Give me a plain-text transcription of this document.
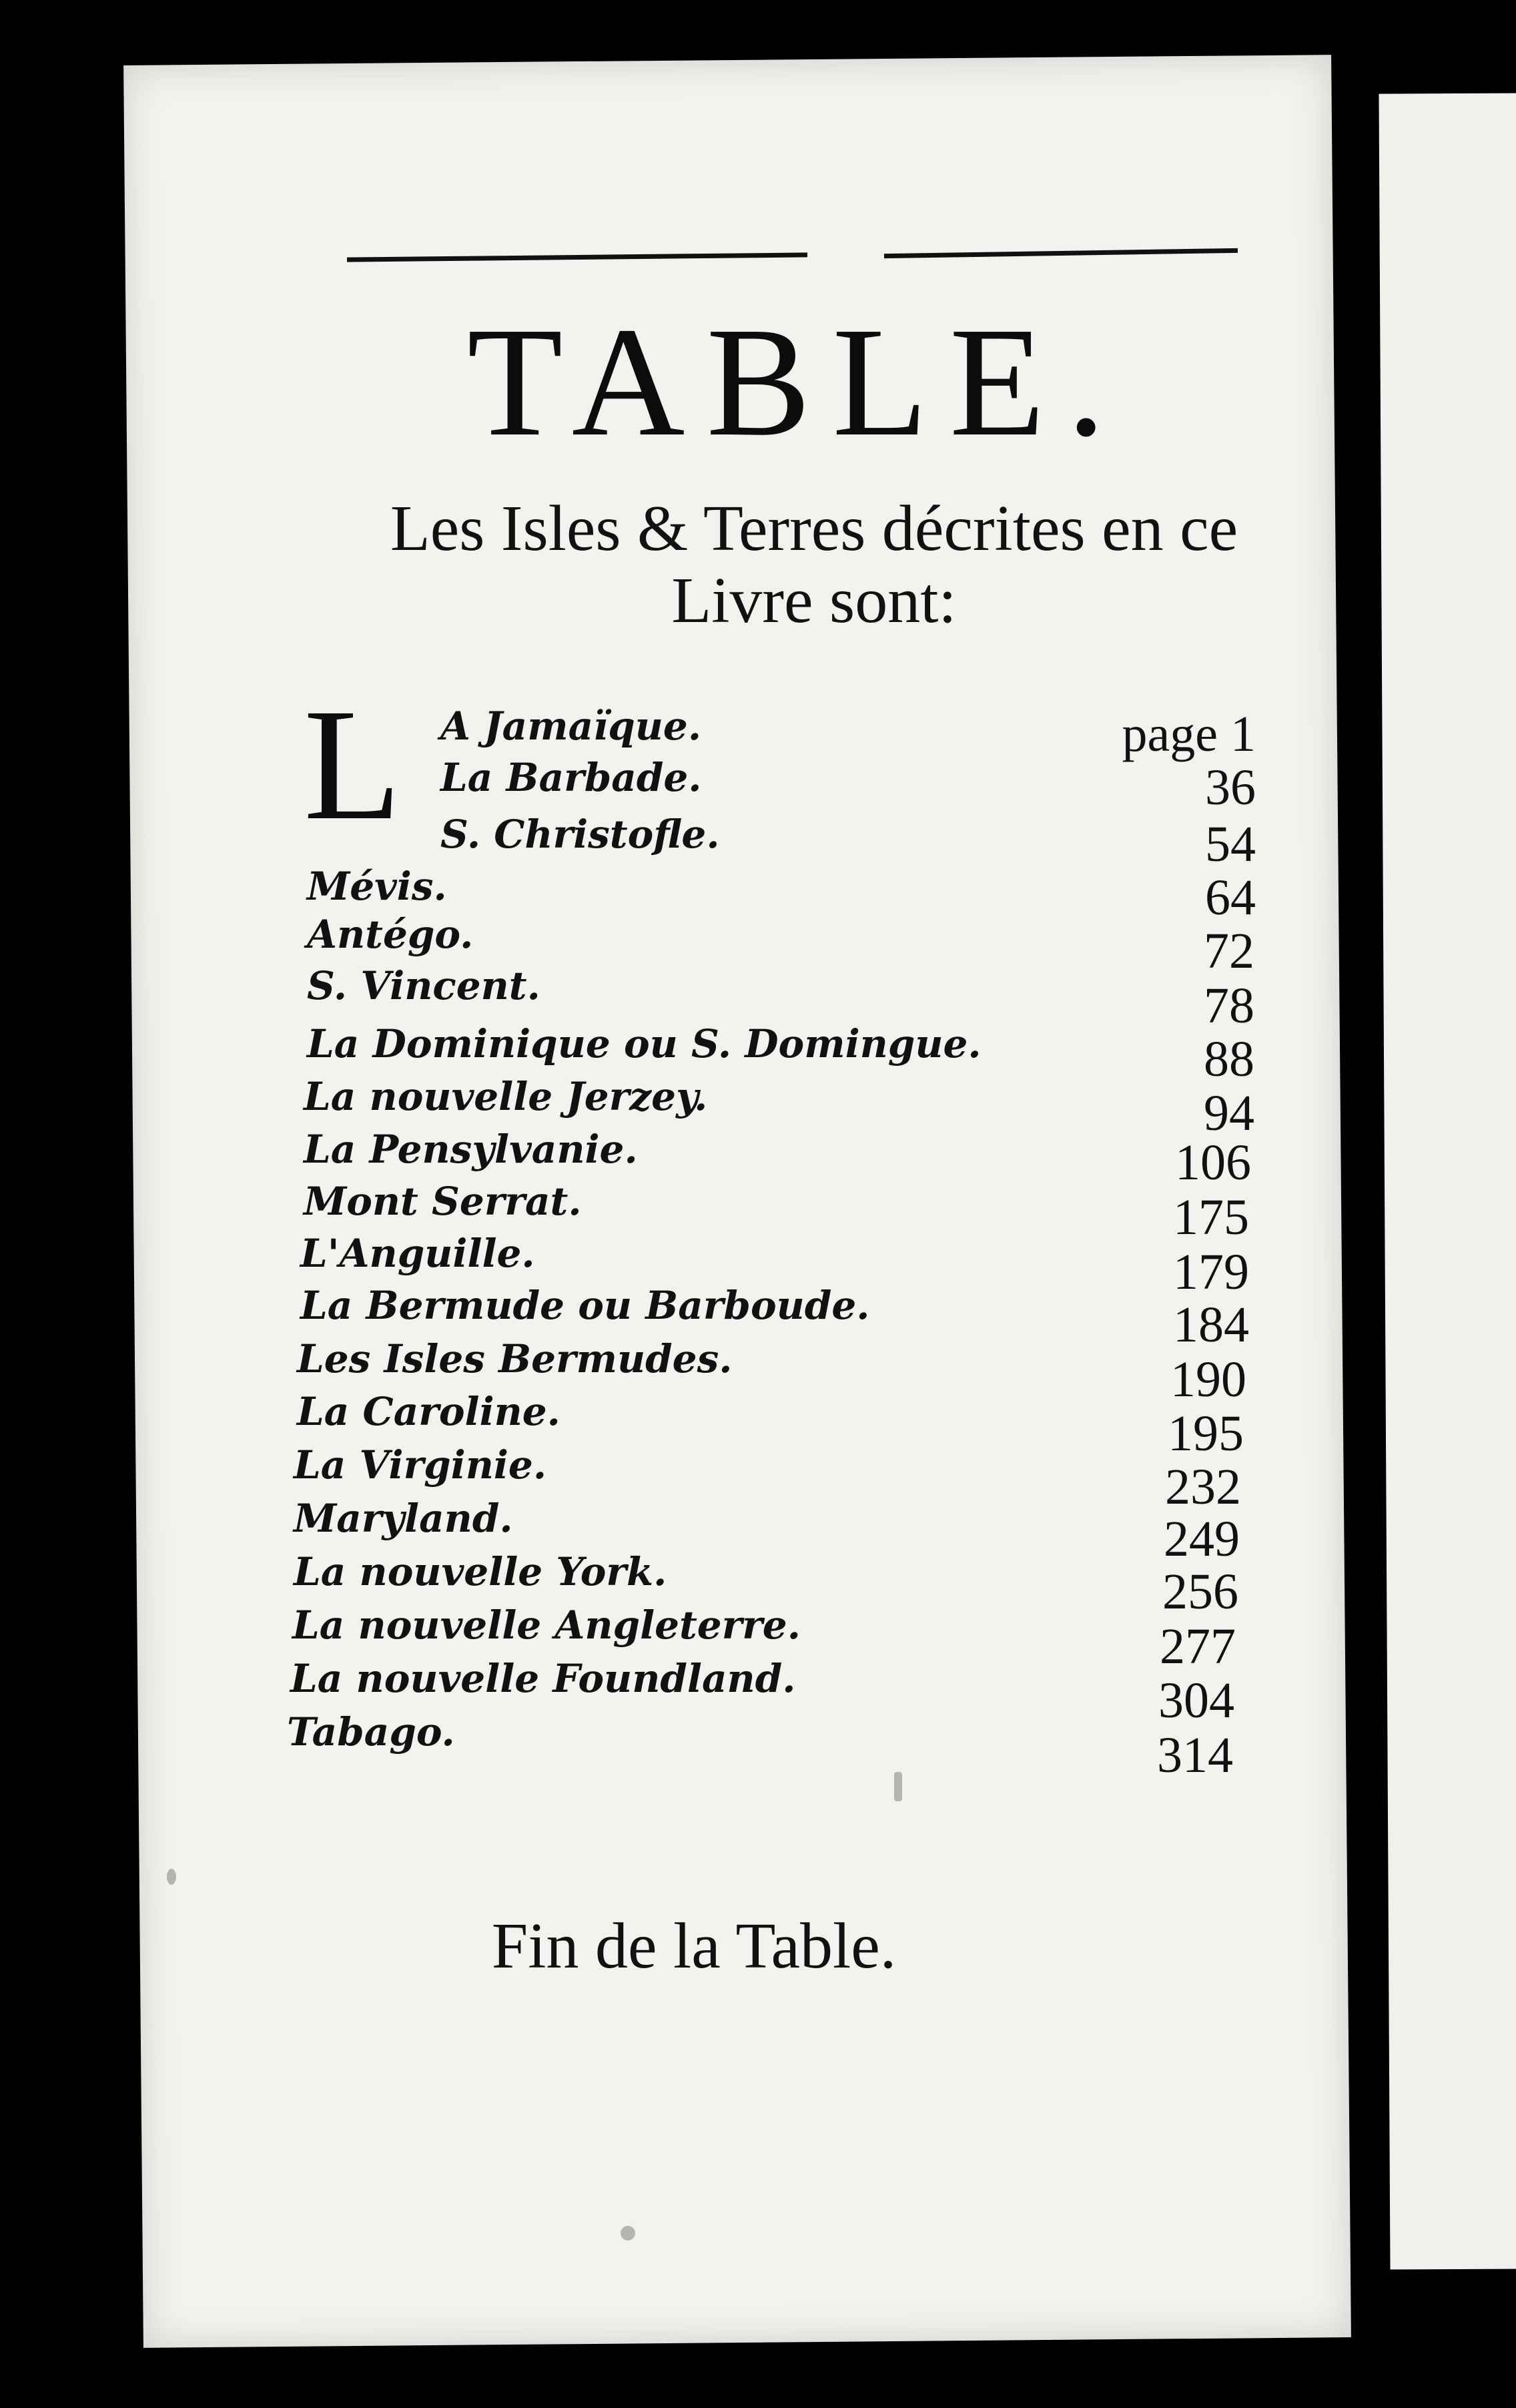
TABLE.
Les Isles & Terres décrites en ce
Livre sont:
L A Jamaïque.	page 1
La Barbade.	36
S. Christofle.	54
Mévis.	64
Antégo.	72
S. Vincent.	78
La Dominique ou S. Domingue.	88
La nouvelle Jerzey.	94
La Pensylvanie.	106
Mont Serrat.	175
L'Anguille.	179
La Bermude ou Barboude.	184
Les Isles Bermudes.	190
La Caroline.	195
La Virginie.	232
Maryland.	249
La nouvelle York.	256
La nouvelle Angleterre.	277
La nouvelle Foundland.	304
Tabago.	314
Fin de la Table.
